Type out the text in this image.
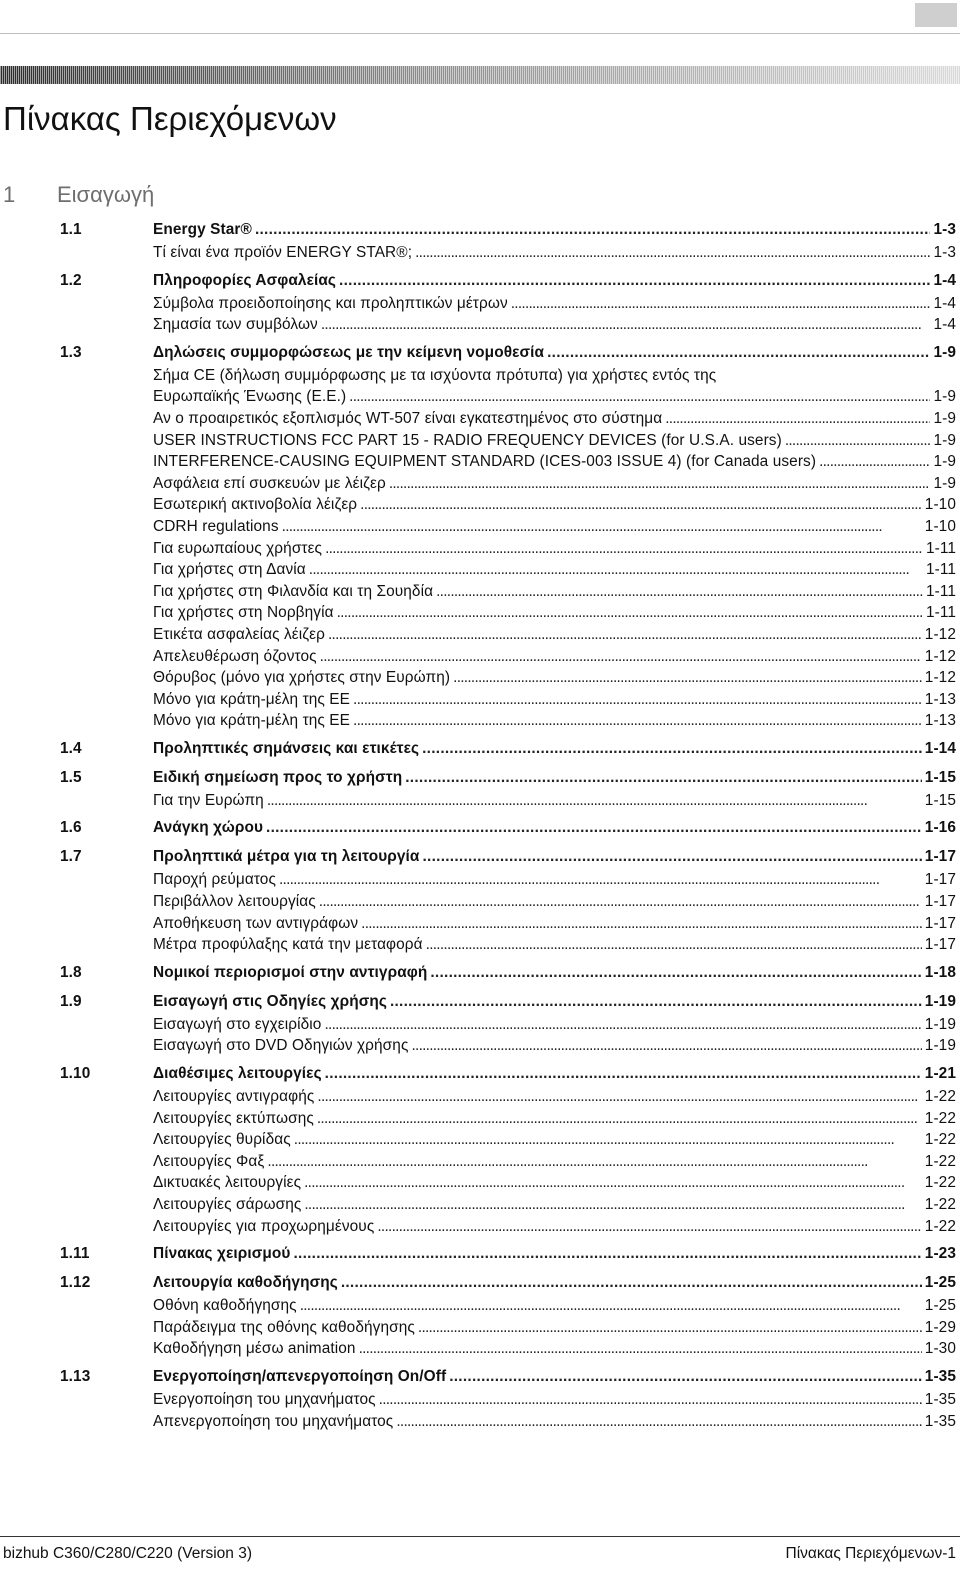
Πίνακας Περιεχόμενων
1 Εισαγωγή
1.1	Energy Star® . . .	1-3
Τί είναι ένα προϊόν ENERGY STAR®; . . .	1-3
1.2	Πληροφορίες Ασφαλείας . . .	1-4
Σύμβολα προειδοποίησης και προληπτικών μέτρων . . .	1-4
Σημασία των συμβόλων . . .	1-4
1.3	Δηλώσεις συμμορφώσεως με την κείμενη νομοθεσία . . .	1-9
Σήμα CE (δήλωση συμμόρφωσης με τα ισχύοντα πρότυπα) για χρήστες εντός της
Ευρωπαϊκής Ένωσης (Ε.Ε.) . . .	1-9
Αν ο προαιρετικός εξοπλισμός WT-507 είναι εγκατεστημένος στο σύστημα . . .	1-9
USER INSTRUCTIONS FCC PART 15 - RADIO FREQUENCY DEVICES (for U.S.A. users) . . .	1-9
INTERFERENCE-CAUSING EQUIPMENT STANDARD (ICES-003 ISSUE 4) (for Canada users) . . .	1-9
Ασφάλεια επί συσκευών με λέιζερ . . .	1-9
Εσωτερική ακτινοβολία λέιζερ . . .	1-10
CDRH regulations . . .	1-10
Για ευρωπαίους χρήστες . . .	1-11
Για χρήστες στη Δανία . . .	1-11
Για χρήστες στη Φιλανδία και τη Σουηδία . . .	1-11
Για χρήστες στη Νορβηγία . . .	1-11
Ετικέτα ασφαλείας λέιζερ . . .	1-12
Απελευθέρωση όζοντος . . .	1-12
Θόρυβος (μόνο για χρήστες στην Ευρώπη) . . .	1-12
Μόνο για κράτη-μέλη της ΕΕ . . .	1-13
Μόνο για κράτη-μέλη της ΕΕ . . .	1-13
1.4	Προληπτικές σημάνσεις και ετικέτες . . .	1-14
1.5	Ειδική σημείωση προς το χρήστη . . .	1-15
Για την Ευρώπη . . .	1-15
1.6	Ανάγκη χώρου . . .	1-16
1.7	Προληπτικά μέτρα για τη λειτουργία . . .	1-17
Παροχή ρεύματος . . .	1-17
Περιβάλλον λειτουργίας . . .	1-17
Αποθήκευση των αντιγράφων . . .	1-17
Μέτρα προφύλαξης κατά την μεταφορά . . .	1-17
1.8	Νομικοί περιορισμοί στην αντιγραφή . . .	1-18
1.9	Εισαγωγή στις Οδηγίες χρήσης . . .	1-19
Εισαγωγή στο εγχειρίδιο . . .	1-19
Εισαγωγή στο DVD Οδηγιών χρήσης . . .	1-19
1.10	Διαθέσιμες λειτουργίες . . .	1-21
Λειτουργίες αντιγραφής . . .	1-22
Λειτουργίες εκτύπωσης . . .	1-22
Λειτουργίες θυρίδας . . .	1-22
Λειτουργίες Φαξ . . .	1-22
Δικτυακές λειτουργίες . . .	1-22
Λειτουργίες σάρωσης . . .	1-22
Λειτουργίες για προχωρημένους . . .	1-22
1.11	Πίνακας χειρισμού . . .	1-23
1.12	Λειτουργία καθοδήγησης . . .	1-25
Οθόνη καθοδήγησης . . .	1-25
Παράδειγμα της οθόνης καθοδήγησης . . .	1-29
Καθοδήγηση μέσω animation . . .	1-30
1.13	Ενεργοποίηση/απενεργοποίηση On/Off . . .	1-35
Ενεργοποίηση του μηχανήματος . . .	1-35
Απενεργοποίηση του μηχανήματος . . .	1-35
bizhub C360/C280/C220 (Version 3)	Πίνακας Περιεχόμενων-1
